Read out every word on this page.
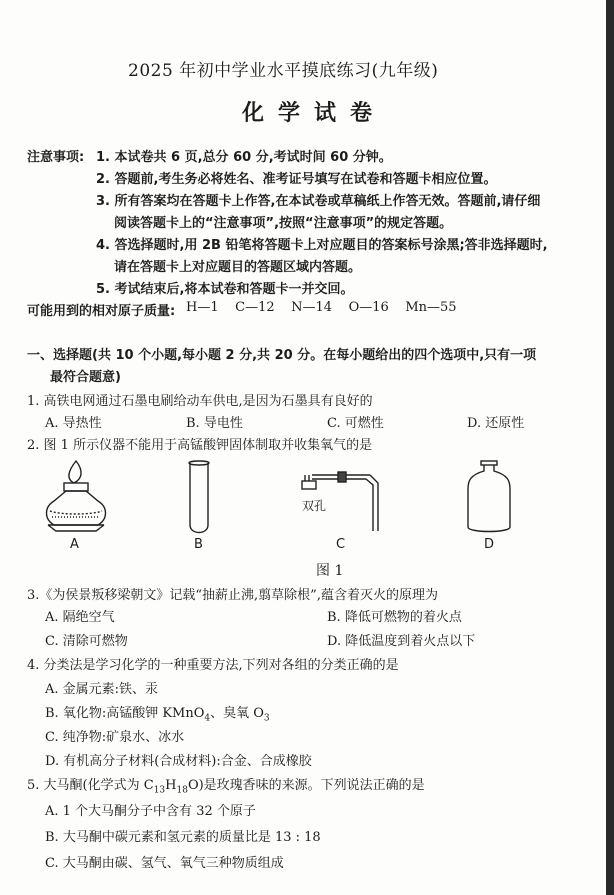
2025 年初中学业水平摸底练习(九年级)
化学试卷
注意事项: 1. 本试卷共 6 页,总分 60 分,考试时间 60 分钟。
2. 答题前,考生务必将姓名、准考证号填写在试卷和答题卡相应位置。
3. 所有答案均在答题卡上作答,在本试卷或草稿纸上作答无效。答题前,请仔细
阅读答题卡上的“注意事项”,按照“注意事项”的规定答题。
4. 答选择题时,用 2B 铅笔将答题卡上对应题目的答案标号涂黑;答非选择题时,
请在答题卡上对应题目的答题区域内答题。
5. 考试结束后,将本试卷和答题卡一并交回。
可能用到的相对原子质量: H—1    C—12    N—14    O—16    Mn—55
一、选择题(共 10 个小题,每小题 2 分,共 20 分。在每小题给出的四个选项中,只有一项
最符合题意)
1. 高铁电网通过石墨电刷给动车供电,是因为石墨具有良好的
A. 导热性	B. 导电性	C. 可燃性	D. 还原性
2. 图 1 所示仪器不能用于高锰酸钾固体制取并收集氧气的是
双孔
A	B	C	D
图 1
3.《为侯景叛移梁朝文》记载“抽薪止沸,翦草除根”,蕴含着灭火的原理为
A. 隔绝空气	B. 降低可燃物的着火点
C. 清除可燃物	D. 降低温度到着火点以下
4. 分类法是学习化学的一种重要方法,下列对各组的分类正确的是
A. 金属元素:铁、汞
B. 氧化物:高锰酸钾 KMnO$_4$、臭氧 $O_3$
C. 纯净物:矿泉水、冰水
D. 有机高分子材料(合成材料):合金、合成橡胶
5. 大马酮(化学式为 $C_{13}H_{18}O$)是玫瑰香味的来源。下列说法正确的是
A. 1 个大马酮分子中含有 32 个原子
B. 大马酮中碳元素和氢元素的质量比是 13 : 18
C. 大马酮由碳、氢气、氧气三种物质组成
